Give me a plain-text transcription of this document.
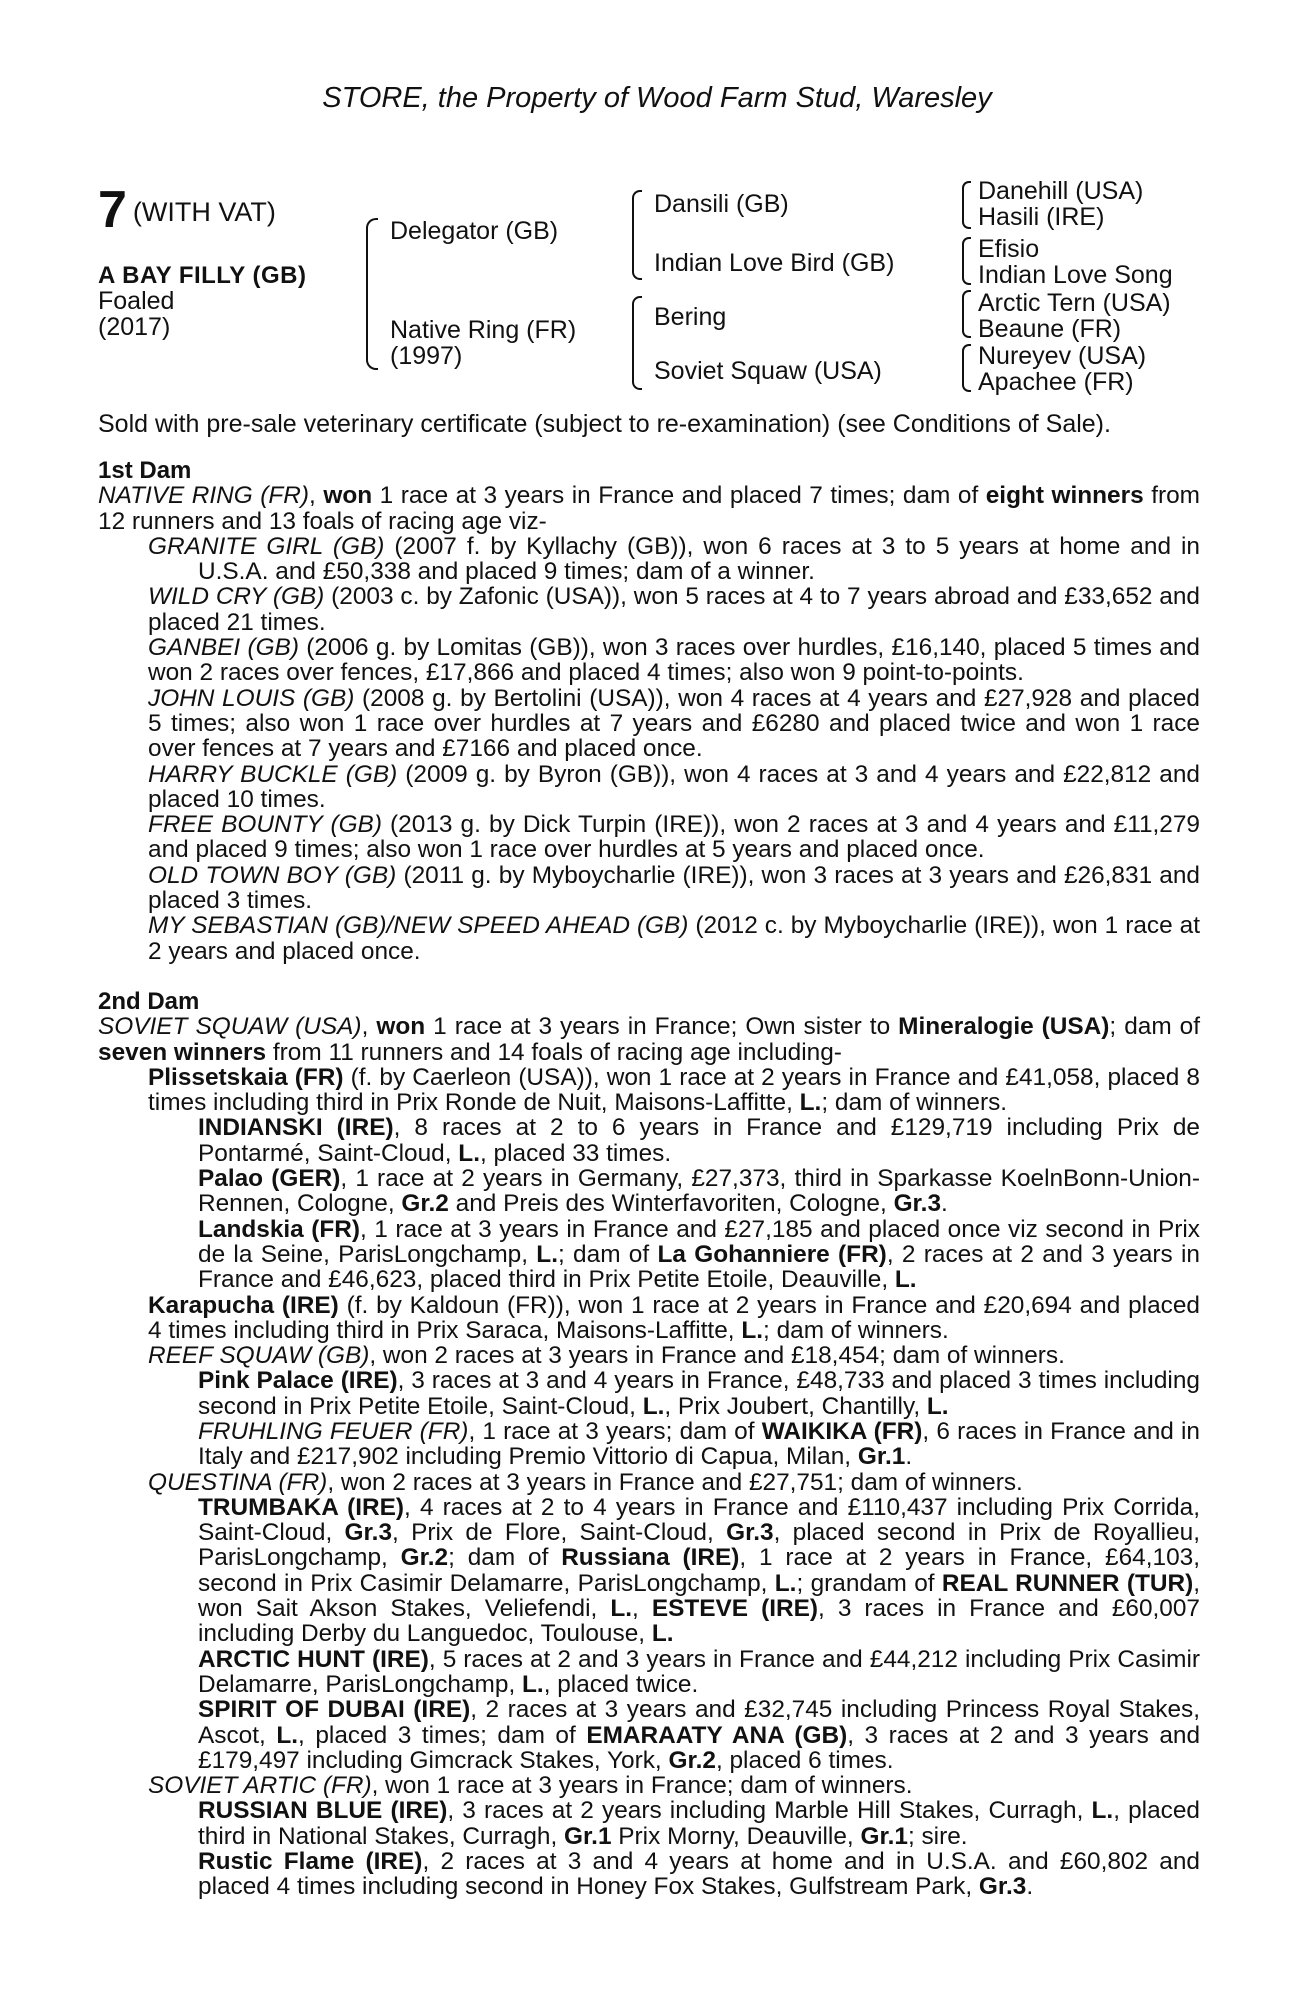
STORE, the Property of Wood Farm Stud, Waresley
7 (WITH VAT)
A BAY FILLY (GB)
Foaled
(2017)
Delegator (GB)
Native Ring (FR)
(1997)
Dansili (GB)
Indian Love Bird (GB)
Bering
Soviet Squaw (USA)
Danehill (USA)
Hasili (IRE)
Efisio
Indian Love Song
Arctic Tern (USA)
Beaune (FR)
Nureyev (USA)
Apachee (FR)
Sold with pre-sale veterinary certificate (subject to re-examination) (see Conditions of Sale).

1st Dam

NATIVE RING (FR), won 1 race at 3 years in France and placed 7 times; dam of eight winners from 12 runners and 13 foals of racing age viz-

GRANITE GIRL (GB) (2007 f. by Kyllachy (GB)), won 6 races at 3 to 5 years at home and in U.S.A. and £50,338 and placed 9 times; dam of a winner.

WILD CRY (GB) (2003 c. by Zafonic (USA)), won 5 races at 4 to 7 years abroad and £33,652 and placed 21 times.

GANBEI (GB) (2006 g. by Lomitas (GB)), won 3 races over hurdles, £16,140, placed 5 times and won 2 races over fences, £17,866 and placed 4 times; also won 9 point-to-points.

JOHN LOUIS (GB) (2008 g. by Bertolini (USA)), won 4 races at 4 years and £27,928 and placed 5 times; also won 1 race over hurdles at 7 years and £6280 and placed twice and won 1 race over fences at 7 years and £7166 and placed once.

HARRY BUCKLE (GB) (2009 g. by Byron (GB)), won 4 races at 3 and 4 years and £22,812 and placed 10 times.

FREE BOUNTY (GB) (2013 g. by Dick Turpin (IRE)), won 2 races at 3 and 4 years and £11,279 and placed 9 times; also won 1 race over hurdles at 5 years and placed once.

OLD TOWN BOY (GB) (2011 g. by Myboycharlie (IRE)), won 3 races at 3 years and £26,831 and placed 3 times.

MY SEBASTIAN (GB)/NEW SPEED AHEAD (GB) (2012 c. by Myboycharlie (IRE)), won 1 race at 2 years and placed once.

2nd Dam

SOVIET SQUAW (USA), won 1 race at 3 years in France; Own sister to Mineralogie (USA); dam of seven winners from 11 runners and 14 foals of racing age including-

Plissetskaia (FR) (f. by Caerleon (USA)), won 1 race at 2 years in France and £41,058, placed 8 times including third in Prix Ronde de Nuit, Maisons-Laffitte, L.; dam of winners.

INDIANSKI (IRE), 8 races at 2 to 6 years in France and £129,719 including Prix de Pontarmé, Saint-Cloud, L., placed 33 times.

Palao (GER), 1 race at 2 years in Germany, £27,373, third in Sparkasse KoelnBonn-Union-Rennen, Cologne, Gr.2 and Preis des Winterfavoriten, Cologne, Gr.3.

Landskia (FR), 1 race at 3 years in France and £27,185 and placed once viz second in Prix de la Seine, ParisLongchamp, L.; dam of La Gohanniere (FR), 2 races at 2 and 3 years in France and £46,623, placed third in Prix Petite Etoile, Deauville, L.

Karapucha (IRE) (f. by Kaldoun (FR)), won 1 race at 2 years in France and £20,694 and placed 4 times including third in Prix Saraca, Maisons-Laffitte, L.; dam of winners.

REEF SQUAW (GB), won 2 races at 3 years in France and £18,454; dam of winners.

Pink Palace (IRE), 3 races at 3 and 4 years in France, £48,733 and placed 3 times including second in Prix Petite Etoile, Saint-Cloud, L., Prix Joubert, Chantilly, L.

FRUHLING FEUER (FR), 1 race at 3 years; dam of WAIKIKA (FR), 6 races in France and in Italy and £217,902 including Premio Vittorio di Capua, Milan, Gr.1.

QUESTINA (FR), won 2 races at 3 years in France and £27,751; dam of winners.

TRUMBAKA (IRE), 4 races at 2 to 4 years in France and £110,437 including Prix Corrida, Saint-Cloud, Gr.3, Prix de Flore, Saint-Cloud, Gr.3, placed second in Prix de Royallieu, ParisLongchamp, Gr.2; dam of Russiana (IRE), 1 race at 2 years in France, £64,103, second in Prix Casimir Delamarre, ParisLongchamp, L.; grandam of REAL RUNNER (TUR), won Sait Akson Stakes, Veliefendi, L., ESTEVE (IRE), 3 races in France and £60,007 including Derby du Languedoc, Toulouse, L.

ARCTIC HUNT (IRE), 5 races at 2 and 3 years in France and £44,212 including Prix Casimir Delamarre, ParisLongchamp, L., placed twice.

SPIRIT OF DUBAI (IRE), 2 races at 3 years and £32,745 including Princess Royal Stakes, Ascot, L., placed 3 times; dam of EMARAATY ANA (GB), 3 races at 2 and 3 years and £179,497 including Gimcrack Stakes, York, Gr.2, placed 6 times.

SOVIET ARTIC (FR), won 1 race at 3 years in France; dam of winners.

RUSSIAN BLUE (IRE), 3 races at 2 years including Marble Hill Stakes, Curragh, L., placed third in National Stakes, Curragh, Gr.1 Prix Morny, Deauville, Gr.1; sire.

Rustic Flame (IRE), 2 races at 3 and 4 years at home and in U.S.A. and £60,802 and placed 4 times including second in Honey Fox Stakes, Gulfstream Park, Gr.3.
